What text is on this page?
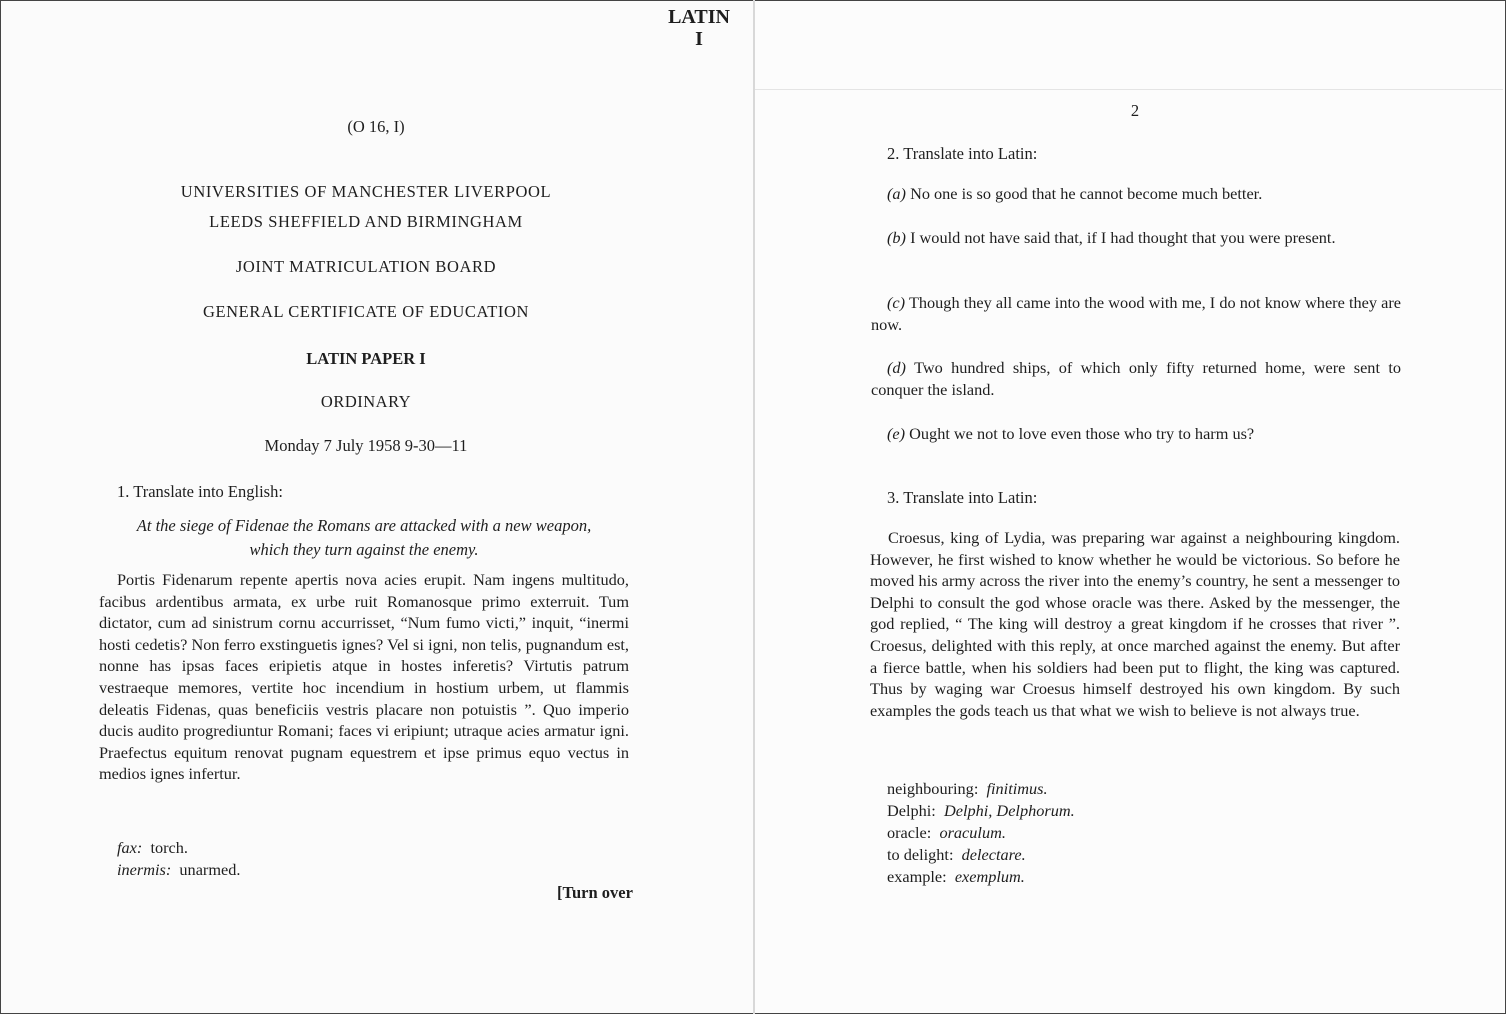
(O 16, I)
UNIVERSITIES OF MANCHESTER LIVERPOOL
LEEDS SHEFFIELD AND BIRMINGHAM
JOINT MATRICULATION BOARD
GENERAL CERTIFICATE OF EDUCATION
LATIN PAPER I
ORDINARY
Monday 7 July 1958 9-30—11
1. Translate into English:
At the siege of Fidenae the Romans are attacked with a new weapon,
which they turn against the enemy.

Portis Fidenarum repente apertis nova acies erupit. Nam ingens multitudo, facibus ardentibus armata, ex urbe ruit Romanosque primo exterruit. Tum dictator, cum ad sinistrum cornu accurrisset, “Num fumo victi,” inquit, “inermi hosti cedetis? Non ferro exstinguetis ignes? Vel si igni, non telis, pugnandum est, nonne has ipsas faces eripietis atque in hostes inferetis? Virtutis patrum vestraeque memores, vertite hoc incendium in hostium urbem, ut flammis deleatis Fidenas, quas beneficiis vestris placare non potuistis ”. Quo imperio ducis audito progrediuntur Romani; faces vi eripiunt; utraque acies armatur igni. Praefectus equitum renovat pugnam equestrem et ipse primus equo vectus in medios ignes infertur.

fax: torch.
inermis: unarmed.
[Turn over
LATIN
I
2
2. Translate into Latin:
(a) No one is so good that he cannot become much better.
(b) I would not have said that, if I had thought that you were present.
(c) Though they all came into the wood with me, I do not know where they are now.
(d) Two hundred ships, of which only fifty returned home, were sent to conquer the island.
(e) Ought we not to love even those who try to harm us?
3. Translate into Latin:

Croesus, king of Lydia, was preparing war against a neighbouring kingdom. However, he first wished to know whether he would be victorious. So before he moved his army across the river into the enemy’s country, he sent a messenger to Delphi to consult the god whose oracle was there. Asked by the messenger, the god replied, “ The king will destroy a great kingdom if he crosses that river ”. Croesus, delighted with this reply, at once marched against the enemy. But after a fierce battle, when his soldiers had been put to flight, the king was captured. Thus by waging war Croesus himself destroyed his own kingdom. By such examples the gods teach us that what we wish to believe is not always true.

neighbouring: finitimus.
Delphi: Delphi, Delphorum.
oracle: oraculum.
to delight: delectare.
example: exemplum.
